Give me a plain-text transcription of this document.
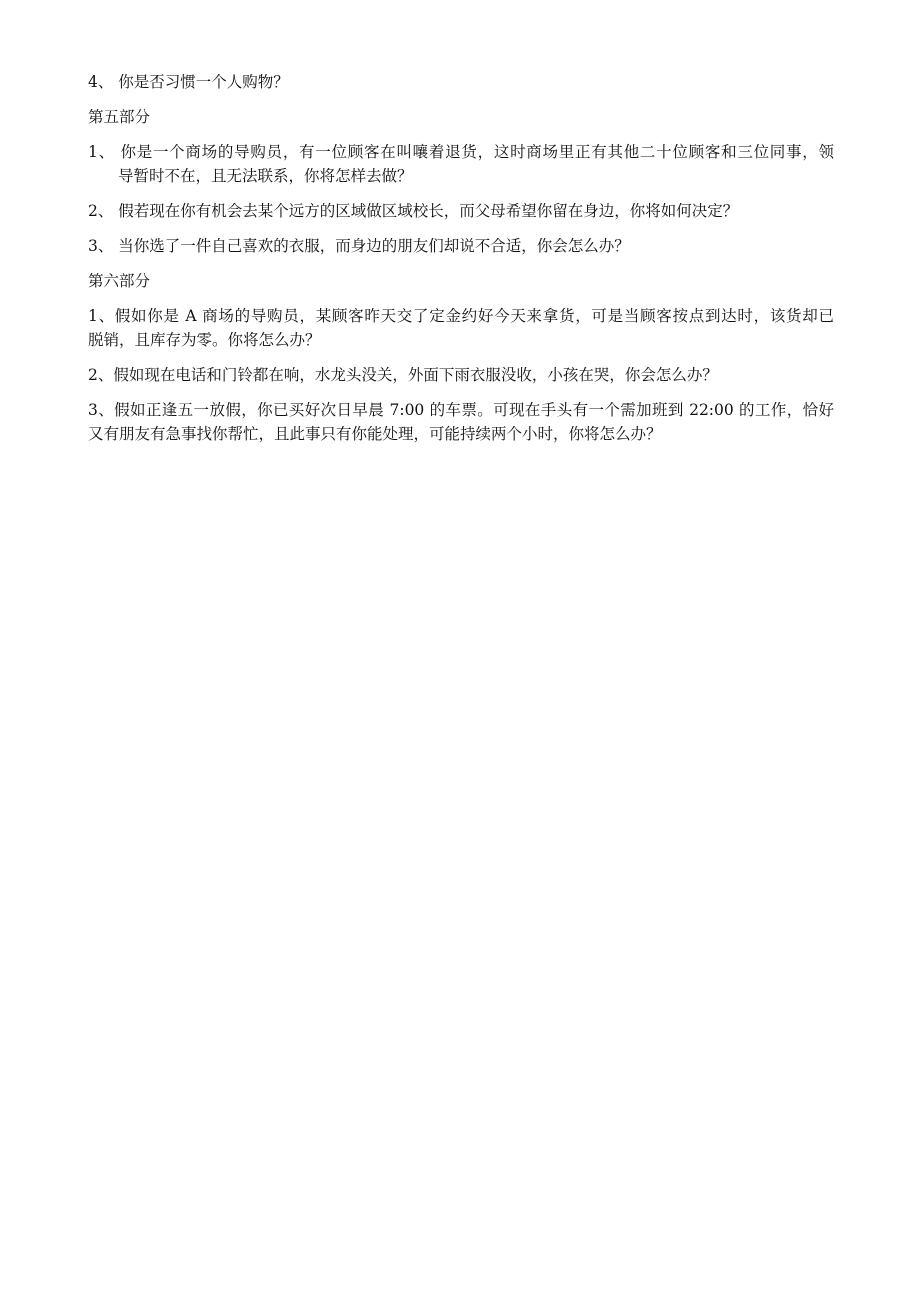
4、 你是否习惯一个人购物？

第五部分

1、 你是一个商场的导购员，有一位顾客在叫嚷着退货，这时商场里正有其他二十位顾客和三位同事，领

导暂时不在，且无法联系，你将怎样去做？

2、 假若现在你有机会去某个远方的区域做区域校长，而父母希望你留在身边，你将如何决定？

3、 当你选了一件自己喜欢的衣服，而身边的朋友们却说不合适，你会怎么办？

第六部分

1、假如你是 A 商场的导购员，某顾客昨天交了定金约好今天来拿货，可是当顾客按点到达时，该货却已

脱销，且库存为零。你将怎么办？

2、假如现在电话和门铃都在响，水龙头没关，外面下雨衣服没收，小孩在哭，你会怎么办？

3、假如正逢五一放假，你已买好次日早晨 7:00 的车票。可现在手头有一个需加班到 22:00 的工作，恰好

又有朋友有急事找你帮忙，且此事只有你能处理，可能持续两个小时，你将怎么办？
